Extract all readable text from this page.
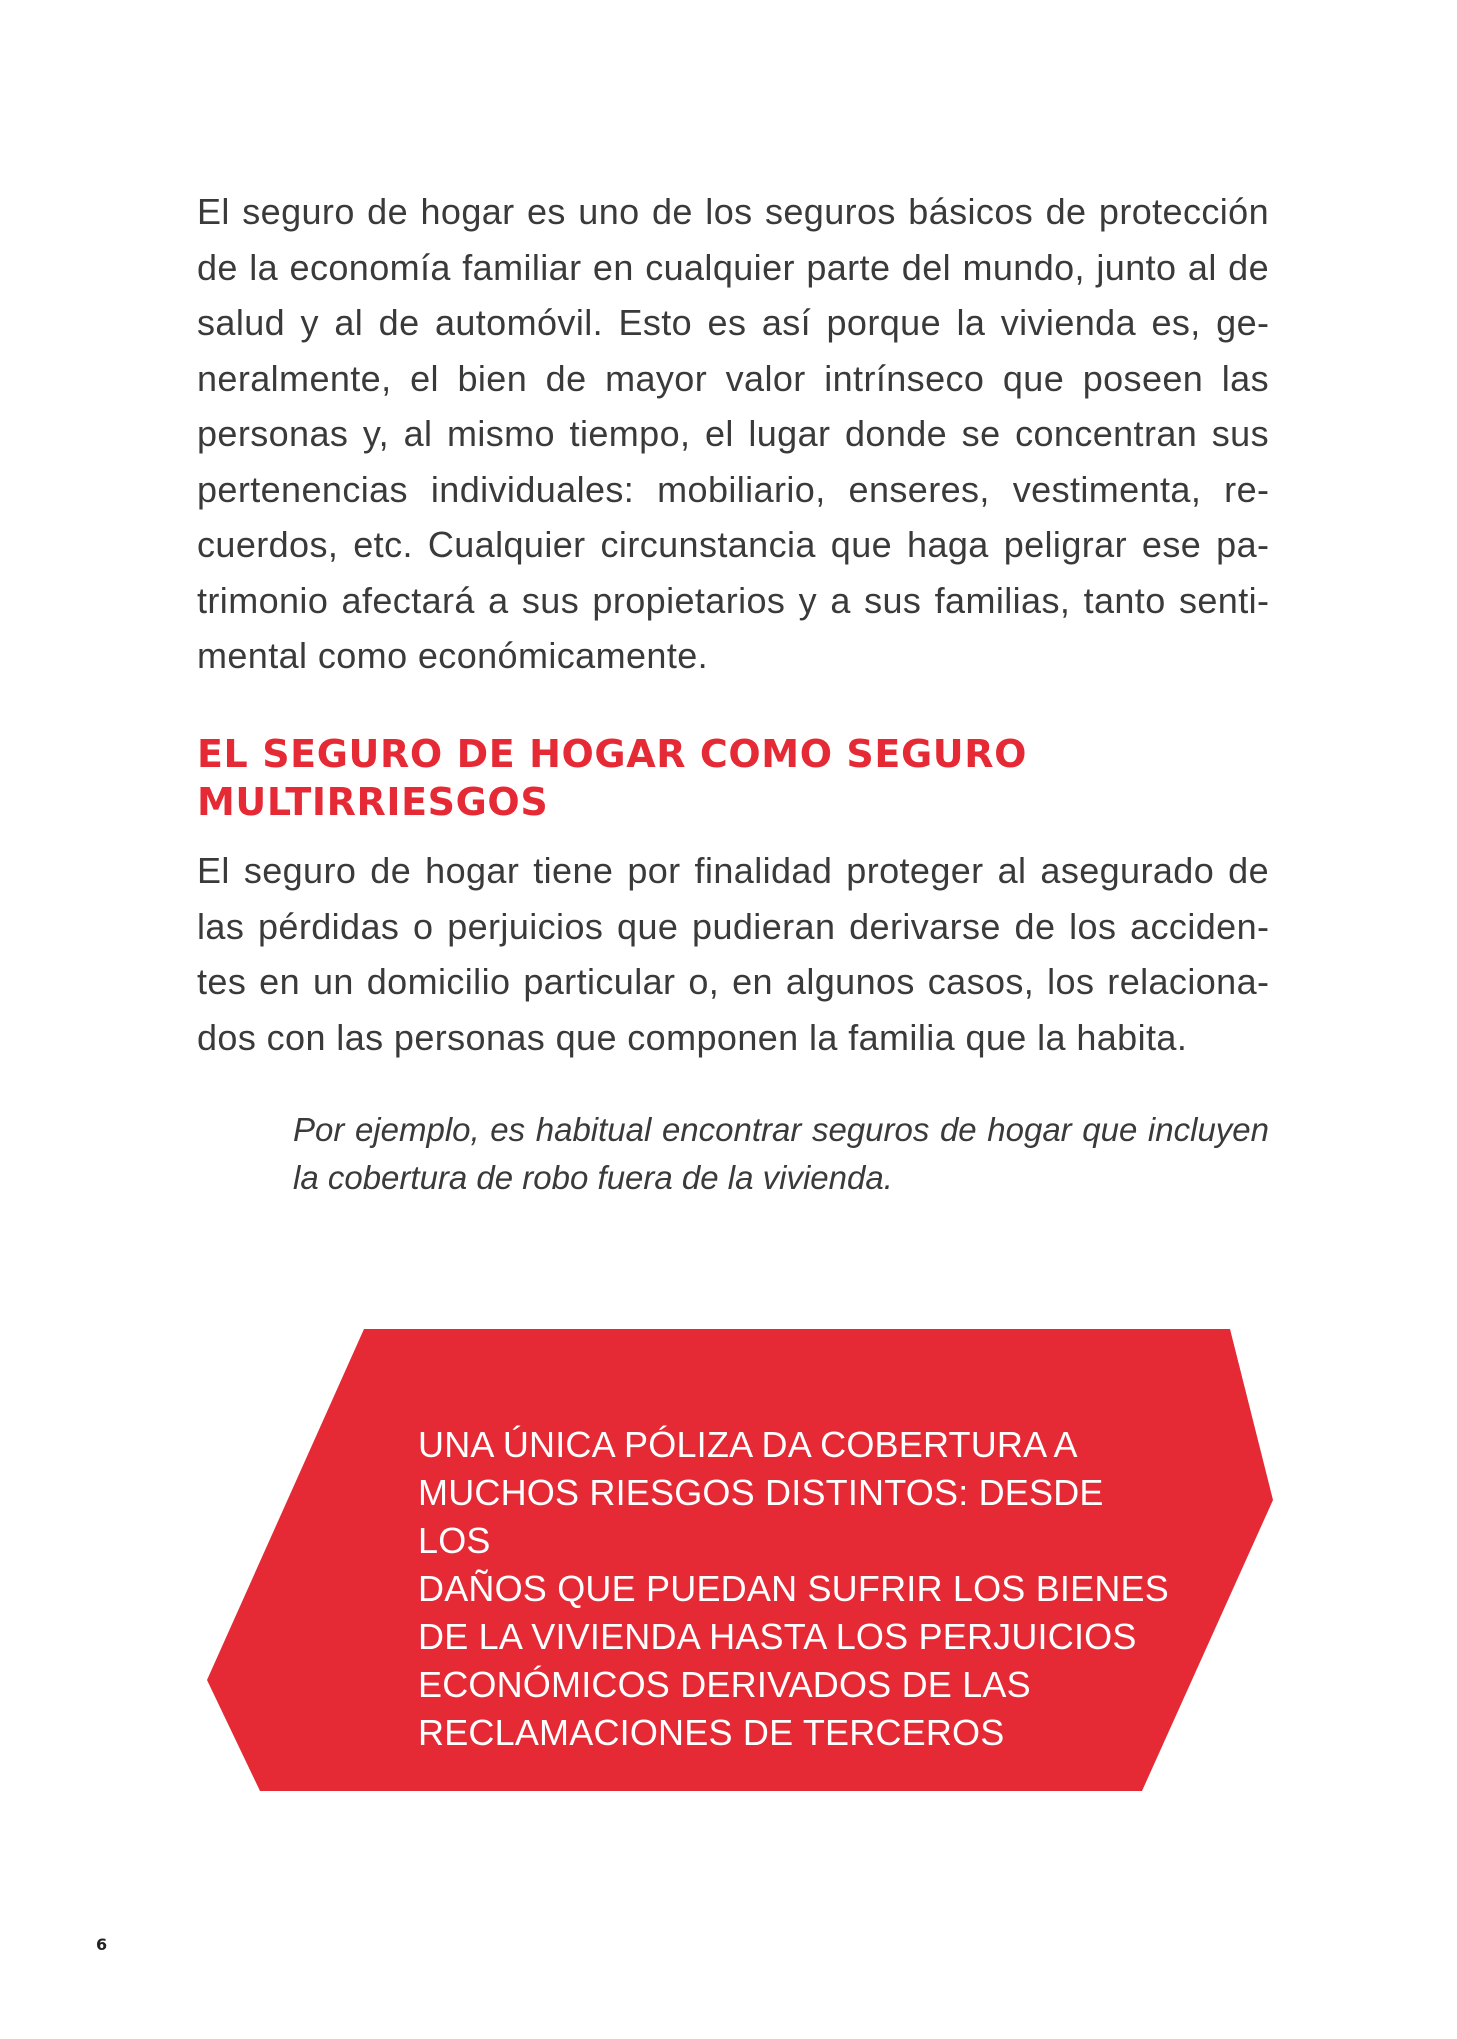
El seguro de hogar es uno de los seguros básicos de protección de la economía familiar en cualquier parte del mundo, junto al de salud y al de automóvil. Esto es así porque la vivienda es, generalmente, el bien de mayor valor intrínseco que poseen las personas y, al mismo tiempo, el lugar donde se concentran sus pertenencias individuales: mobiliario, enseres, vestimenta, recuerdos, etc. Cualquier circunstancia que haga peligrar ese patrimonio afectará a sus propietarios y a sus familias, tanto sentimental como económicamente.

EL SEGURO DE HOGAR COMO SEGURO MULTIRRIESGOS

El seguro de hogar tiene por finalidad proteger al asegurado de las pérdidas o perjuicios que pudieran derivarse de los accidentes en un domicilio particular o, en algunos casos, los relacionados con las personas que componen la familia que la habita.

Por ejemplo, es habitual encontrar seguros de hogar que incluyen la cobertura de robo fuera de la vivienda.

UNA ÚNICA PÓLIZA DA COBERTURA A
MUCHOS RIESGOS DISTINTOS: DESDE LOS
DAÑOS QUE PUEDAN SUFRIR LOS BIENES
DE LA VIVIENDA HASTA LOS PERJUICIOS
ECONÓMICOS DERIVADOS DE LAS
RECLAMACIONES DE TERCEROS
6
